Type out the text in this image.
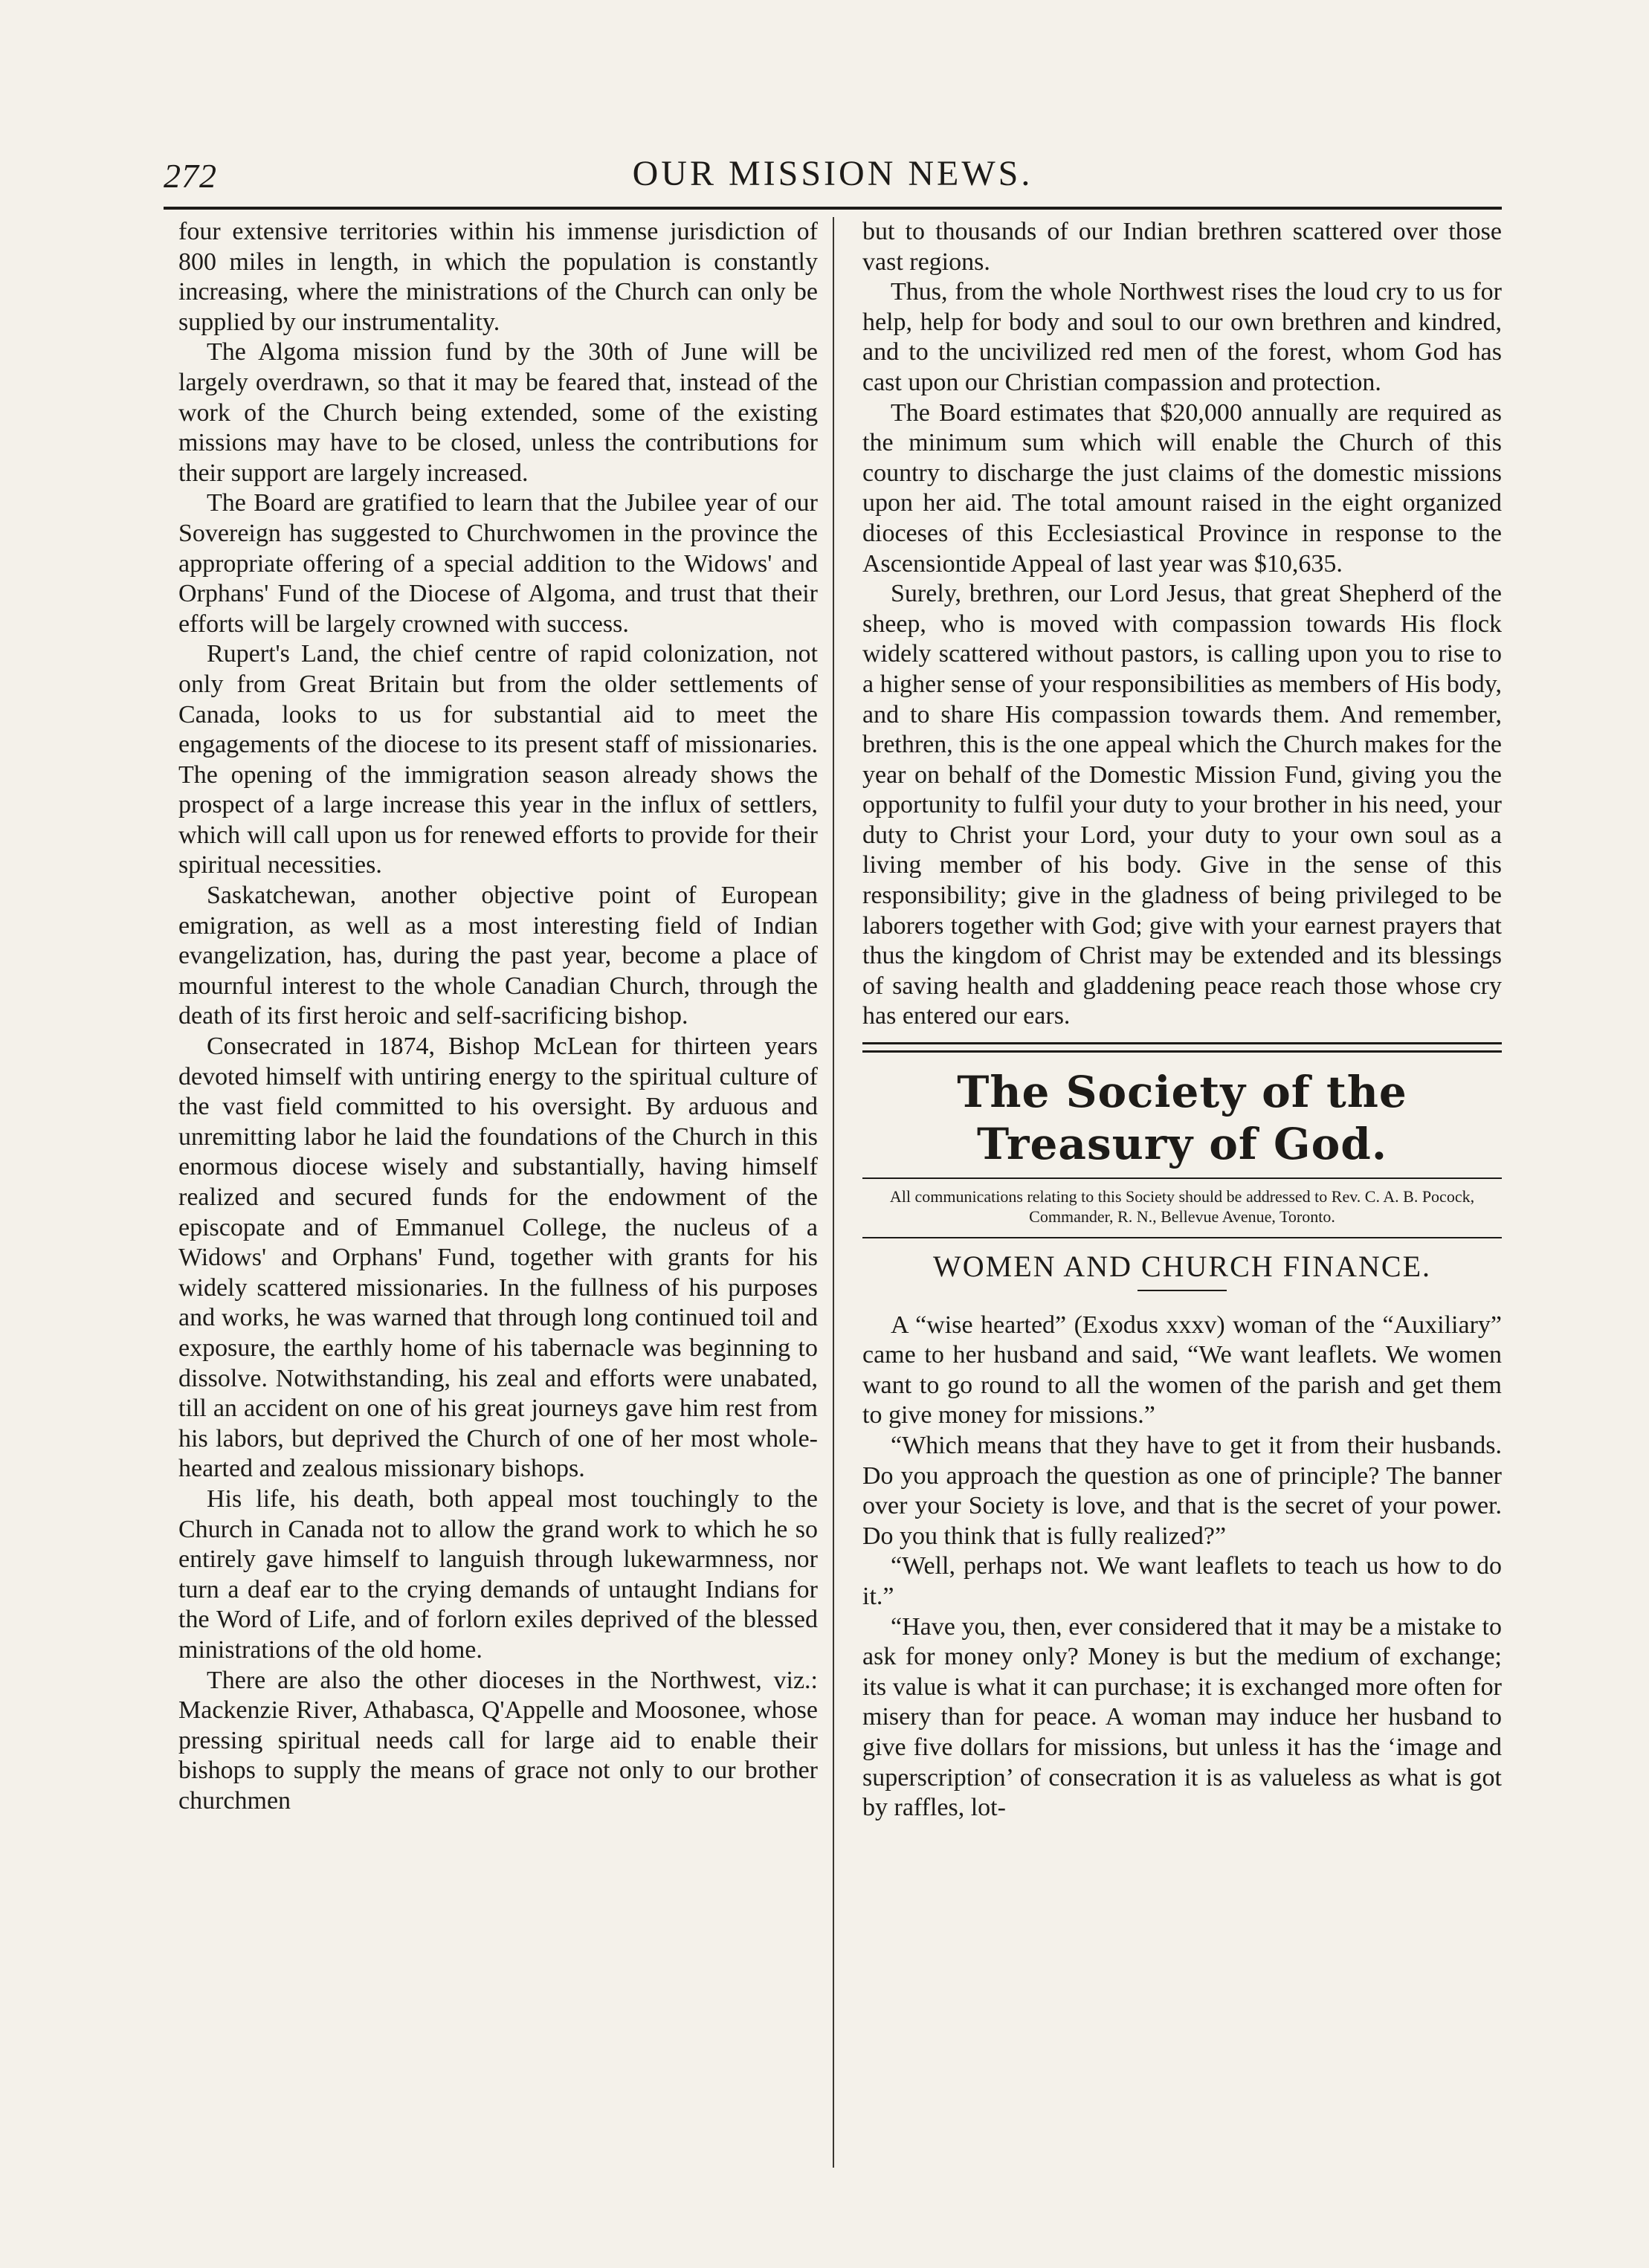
272	OUR MISSION NEWS.

four extensive territories within his immense jurisdiction of 800 miles in length, in which the population is constantly increasing, where the ministrations of the Church can only be supplied by our instrumentality.

The Algoma mission fund by the 30th of June will be largely overdrawn, so that it may be feared that, instead of the work of the Church being extended, some of the existing missions may have to be closed, unless the contributions for their support are largely increased.

The Board are gratified to learn that the Jubilee year of our Sovereign has suggested to Churchwomen in the province the appropriate offering of a special addition to the Widows' and Orphans' Fund of the Diocese of Algoma, and trust that their efforts will be largely crowned with success.

Rupert's Land, the chief centre of rapid colonization, not only from Great Britain but from the older settlements of Canada, looks to us for substantial aid to meet the engagements of the diocese to its present staff of missionaries. The opening of the immigration season already shows the prospect of a large increase this year in the influx of settlers, which will call upon us for renewed efforts to provide for their spiritual necessities.

Saskatchewan, another objective point of European emigration, as well as a most interesting field of Indian evangelization, has, during the past year, become a place of mournful interest to the whole Canadian Church, through the death of its first heroic and self-sacrificing bishop.

Consecrated in 1874, Bishop McLean for thirteen years devoted himself with untiring energy to the spiritual culture of the vast field committed to his oversight. By arduous and unremitting labor he laid the foundations of the Church in this enormous diocese wisely and substantially, having himself realized and secured funds for the endowment of the episcopate and of Emmanuel College, the nucleus of a Widows' and Orphans' Fund, together with grants for his widely scattered missionaries. In the fullness of his purposes and works, he was warned that through long continued toil and exposure, the earthly home of his tabernacle was beginning to dissolve. Notwithstanding, his zeal and efforts were unabated, till an accident on one of his great journeys gave him rest from his labors, but deprived the Church of one of her most whole-hearted and zealous missionary bishops.

His life, his death, both appeal most touchingly to the Church in Canada not to allow the grand work to which he so entirely gave himself to languish through lukewarmness, nor turn a deaf ear to the crying demands of untaught Indians for the Word of Life, and of forlorn exiles deprived of the blessed ministrations of the old home.

There are also the other dioceses in the Northwest, viz.: Mackenzie River, Athabasca, Q'Appelle and Moosonee, whose pressing spiritual needs call for large aid to enable their bishops to supply the means of grace not only to our brother churchmen

but to thousands of our Indian brethren scattered over those vast regions.

Thus, from the whole Northwest rises the loud cry to us for help, help for body and soul to our own brethren and kindred, and to the uncivilized red men of the forest, whom God has cast upon our Christian compassion and protection.

The Board estimates that $20,000 annually are required as the minimum sum which will enable the Church of this country to discharge the just claims of the domestic missions upon her aid. The total amount raised in the eight organized dioceses of this Ecclesiastical Province in response to the Ascensiontide Appeal of last year was $10,635.

Surely, brethren, our Lord Jesus, that great Shepherd of the sheep, who is moved with compassion towards His flock widely scattered without pastors, is calling upon you to rise to a higher sense of your responsibilities as members of His body, and to share His compassion towards them. And remember, brethren, this is the one appeal which the Church makes for the year on behalf of the Domestic Mission Fund, giving you the opportunity to fulfil your duty to your brother in his need, your duty to Christ your Lord, your duty to your own soul as a living member of his body. Give in the sense of this responsibility; give in the gladness of being privileged to be laborers together with God; give with your earnest prayers that thus the kingdom of Christ may be extended and its blessings of saving health and gladdening peace reach those whose cry has entered our ears.

The Society of the Treasury of God.
All communications relating to this Society should be addressed to Rev. C. A. B. Pocock, Commander, R. N., Bellevue Avenue, Toronto.
WOMEN AND CHURCH FINANCE.

A “wise hearted” (Exodus xxxv) woman of the “Auxiliary” came to her husband and said, “We want leaflets. We women want to go round to all the women of the parish and get them to give money for missions.”

“Which means that they have to get it from their husbands. Do you approach the question as one of principle? The banner over your Society is love, and that is the secret of your power. Do you think that is fully realized?”

“Well, perhaps not. We want leaflets to teach us how to do it.”

“Have you, then, ever considered that it may be a mistake to ask for money only? Money is but the medium of exchange; its value is what it can purchase; it is exchanged more often for misery than for peace. A woman may induce her husband to give five dollars for missions, but unless it has the ‘image and superscription’ of consecration it is as valueless as what is got by raffles, lot-
